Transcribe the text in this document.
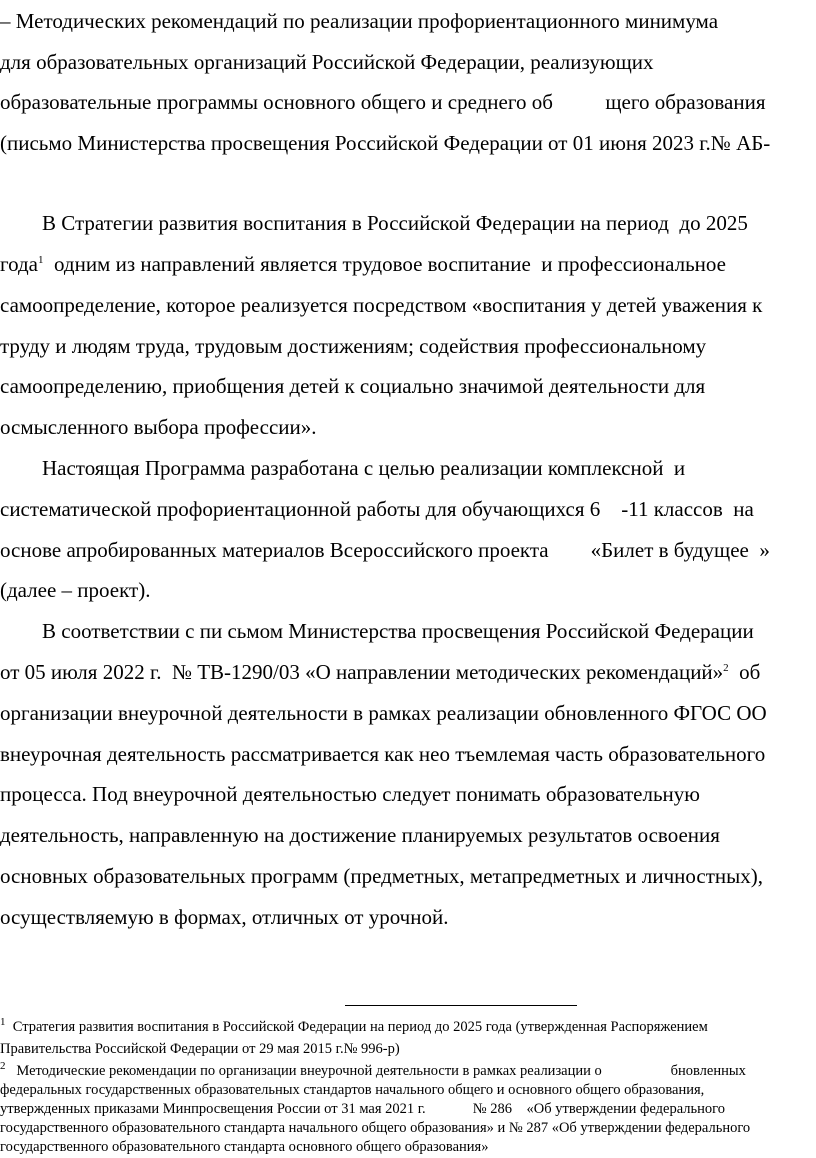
– Методических рекомендаций по реализации профориентационного минимума
для образовательных организаций Российской Федерации, реализующих
образовательные программы основного общего и среднего об          щего образования
(письмо Министерства просвещения Российской Федерации от 01 июня 2023 г.№ АБ-
В Стратегии развития воспитания в Российской Федерации на период  до 2025
года$^1$  одним из направлений является трудовое воспитание  и профессиональное
самоопределение, которое реализуется посредством «воспитания у детей уважения к
труду и людям труда, трудовым достижениям; содействия профессиональному
самоопределению, приобщения детей к социально значимой деятельности для
осмысленного выбора профессии».
Настоящая Программа разработана с целью реализации комплексной  и
систематической профориентационной работы для обучающихся 6    -11 классов  на
основе апробированных материалов Всероссийского проекта        «Билет в будущее  »
(далее – проект).
В соответствии с пи сьмом Министерства просвещения Российской Федерации
от 05 июля 2022 г.  № ТВ-1290/03 «О направлении методических рекомендаций»$^2$  об
организации внеурочной деятельности в рамках реализации обновленного ФГОС ОО
внеурочная деятельность рассматривается как нео тъемлемая часть образовательного
процесса. Под внеурочной деятельностью следует понимать образовательную
деятельность, направленную на достижение планируемых результатов освоения
основных образовательных программ (предметных, метапредметных и личностных),
осуществляемую в формах, отличных от урочной.
$^1$  Стратегия развития воспитания в Российской Федерации на период до 2025 года (утвержденная Распоряжением
Правительства Российской Федерации от 29 мая 2015 г.№ 996-р)
$^2$   Методические рекомендации по организации внеурочной деятельности в рамках реализации о                   бновленных
федеральных государственных образовательных стандартов начального общего и основного общего образования,
утвержденных приказами Минпросвещения России от 31 мая 2021 г.             № 286    «Об утверждении федерального
государственного образовательного стандарта начального общего образования» и № 287 «Об утверждении федерального
государственного образовательного стандарта основного общего образования»
